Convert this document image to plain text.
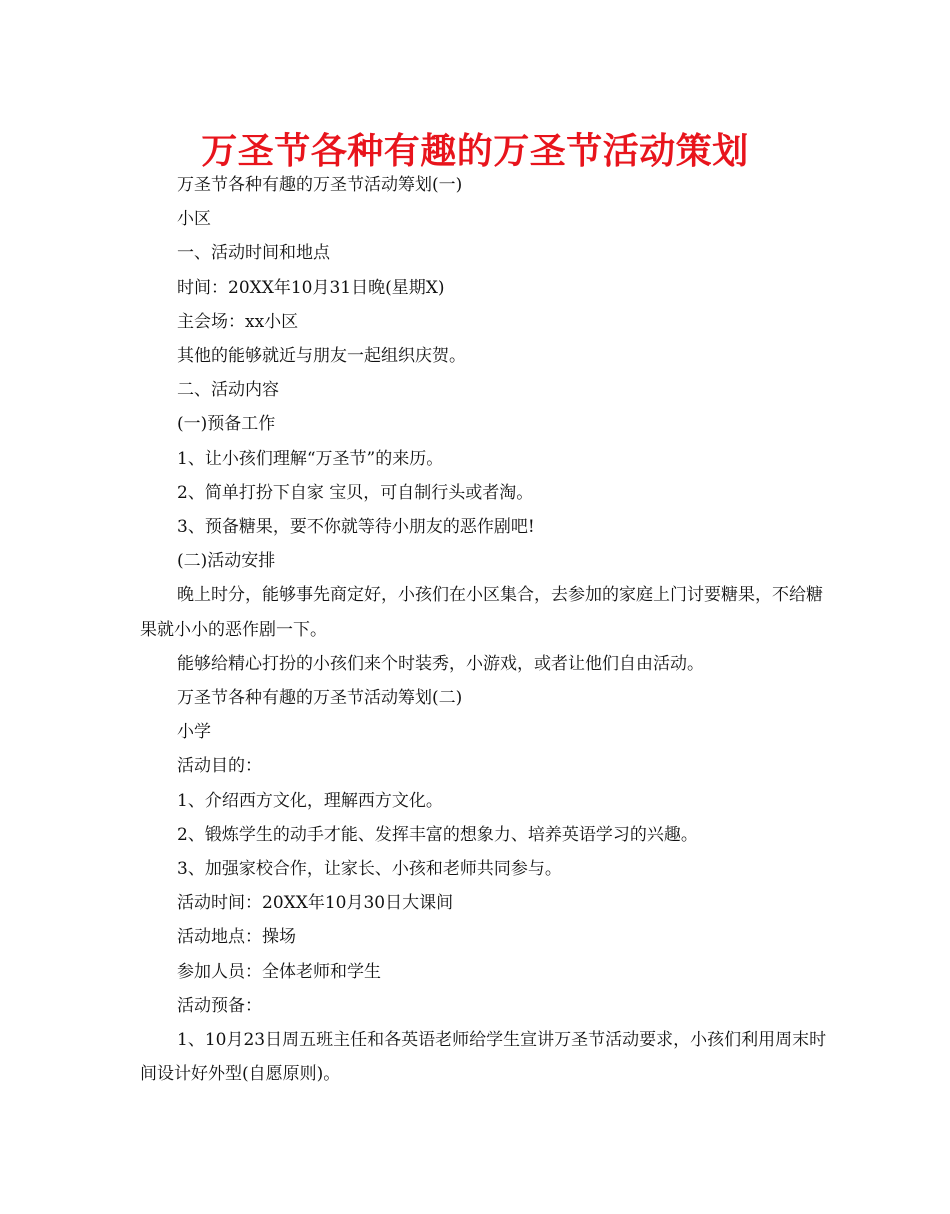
万圣节各种有趣的万圣节活动策划

万圣节各种有趣的万圣节活动筹划(一)

小区

一、活动时间和地点

时间：20XX年10月31日晚(星期X)

主会场：xx小区

其他的能够就近与朋友一起组织庆贺。

二、活动内容

(一)预备工作

1、让小孩们理解“万圣节”的来历。

2、简单打扮下自家 宝贝，可自制行头或者淘。

3、预备糖果，要不你就等待小朋友的恶作剧吧!

(二)活动安排

晚上时分，能够事先商定好，小孩们在小区集合，去参加的家庭上门讨要糖果，不给糖果就小小的恶作剧一下。

能够给精心打扮的小孩们来个时装秀，小游戏，或者让他们自由活动。

万圣节各种有趣的万圣节活动筹划(二)

小学

活动目的：

1、介绍西方文化，理解西方文化。

2、锻炼学生的动手才能、发挥丰富的想象力、培养英语学习的兴趣。

3、加强家校合作，让家长、小孩和老师共同参与。

活动时间：20XX年10月30日大课间

活动地点：操场

参加人员：全体老师和学生

活动预备：

1、10月23日周五班主任和各英语老师给学生宣讲万圣节活动要求，小孩们利用周末时间设计好外型(自愿原则)。
